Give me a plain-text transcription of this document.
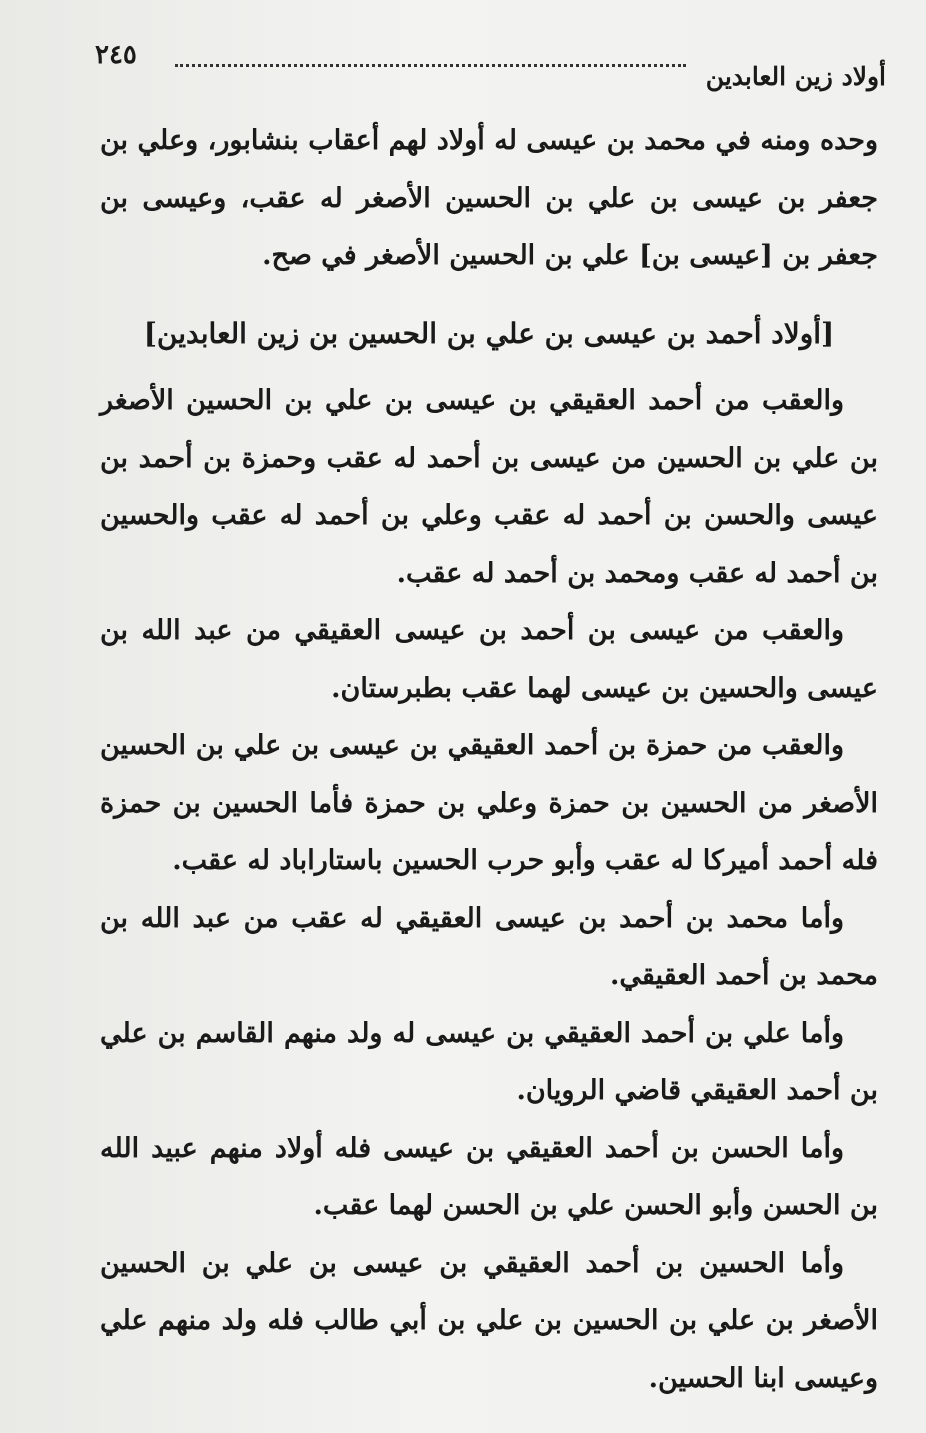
أولاد زين العابدين
٢٤٥

وحده ومنه في محمد بن عيسى له أولاد لهم أعقاب بنشابور، وعلي بن جعفر بن عيسى بن علي بن الحسين الأصغر له عقب، وعيسى بن جعفر بن [عيسى بن] علي بن الحسين الأصغر في صح.

[أولاد أحمد بن عيسى بن علي بن الحسين بن زين العابدين]

والعقب من أحمد العقيقي بن عيسى بن علي بن الحسين الأصغر بن علي بن الحسين من عيسى بن أحمد له عقب وحمزة بن أحمد بن عيسى والحسن بن أحمد له عقب وعلي بن أحمد له عقب والحسين بن أحمد له عقب ومحمد بن أحمد له عقب.

والعقب من عيسى بن أحمد بن عيسى العقيقي من عبد الله بن عيسى والحسين بن عيسى لهما عقب بطبرستان.

والعقب من حمزة بن أحمد العقيقي بن عيسى بن علي بن الحسين الأصغر من الحسين بن حمزة وعلي بن حمزة فأما الحسين بن حمزة فله أحمد أميركا له عقب وأبو حرب الحسين باستاراباد له عقب.

وأما محمد بن أحمد بن عيسى العقيقي له عقب من عبد الله بن محمد بن أحمد العقيقي.

وأما علي بن أحمد العقيقي بن عيسى له ولد منهم القاسم بن علي بن أحمد العقيقي قاضي الرويان.

وأما الحسن بن أحمد العقيقي بن عيسى فله أولاد منهم عبيد الله بن الحسن وأبو الحسن علي بن الحسن لهما عقب.

وأما الحسين بن أحمد العقيقي بن عيسى بن علي بن الحسين الأصغر بن علي بن الحسين بن علي بن أبي طالب فله ولد منهم علي وعيسى ابنا الحسين.
